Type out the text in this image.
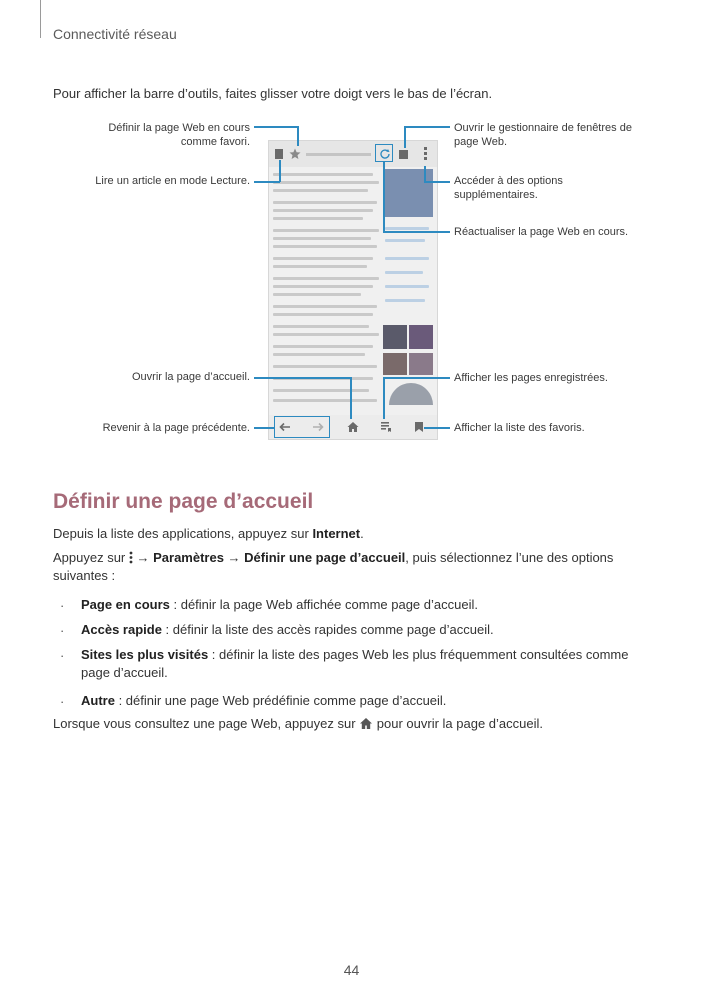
Connectivité réseau
Pour afficher la barre d’outils, faites glisser votre doigt vers le bas de l’écran.
Définir la page Web en cours comme favori.
Lire un article en mode Lecture.
Ouvrir la page d’accueil.
Revenir à la page précédente.
Ouvrir le gestionnaire de fenêtres de page Web.
Accéder à des options supplémentaires.
Réactualiser la page Web en cours.
Afficher les pages enregistrées.
Afficher la liste des favoris.
Définir une page d’accueil
Depuis la liste des applications, appuyez sur Internet.
Appuyez sur  → Paramètres → Définir une page d’accueil, puis sélectionnez l’une des options
suivantes :
· Page en cours : définir la page Web affichée comme page d’accueil.
· Accès rapide : définir la liste des accès rapides comme page d’accueil.
· Sites les plus visités : définir la liste des pages Web les plus fréquemment consultées comme page d’accueil.
· Autre : définir une page Web prédéfinie comme page d’accueil.
Lorsque vous consultez une page Web, appuyez sur  pour ouvrir la page d’accueil.
44
